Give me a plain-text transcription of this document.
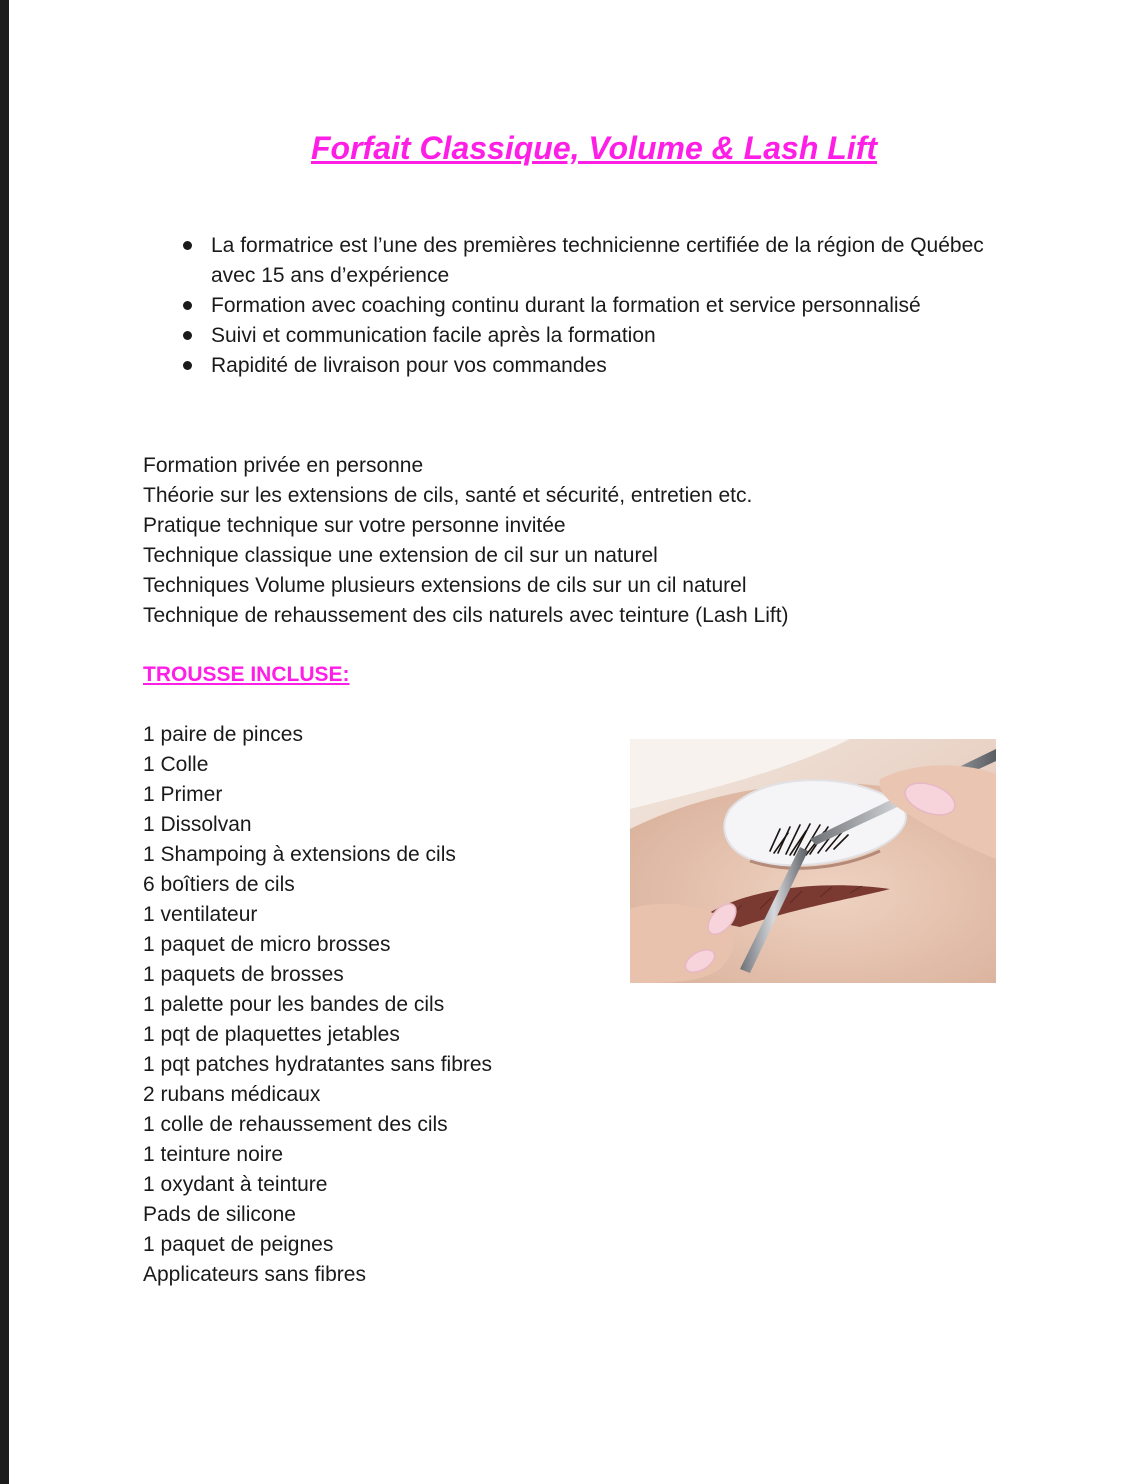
Forfait Classique, Volume & Lash Lift
La formatrice est l’une des premières technicienne certifiée de la région de Québec avec 15 ans d’expérience
Formation avec coaching continu durant la formation et service personnalisé
Suivi et communication facile après la formation
Rapidité de livraison pour vos commandes
Formation privée en personne
Théorie sur les extensions de cils, santé et sécurité, entretien etc.
Pratique technique sur votre personne invitée
Technique classique une extension de cil sur un naturel
Techniques Volume plusieurs extensions de cils sur un cil naturel
Technique de rehaussement des cils naturels avec teinture (Lash Lift)
TROUSSE INCLUSE:
1 paire de pinces
1 Colle
1 Primer
1 Dissolvan
1 Shampoing à extensions de cils
6 boîtiers de cils
1 ventilateur
1 paquet de micro brosses
1 paquets de brosses
1 palette pour les bandes de cils
1 pqt de plaquettes jetables
1 pqt patches hydratantes sans fibres
2 rubans médicaux
1 colle de rehaussement des cils
1 teinture noire
1 oxydant à teinture
Pads de silicone
1 paquet de peignes
Applicateurs sans fibres
